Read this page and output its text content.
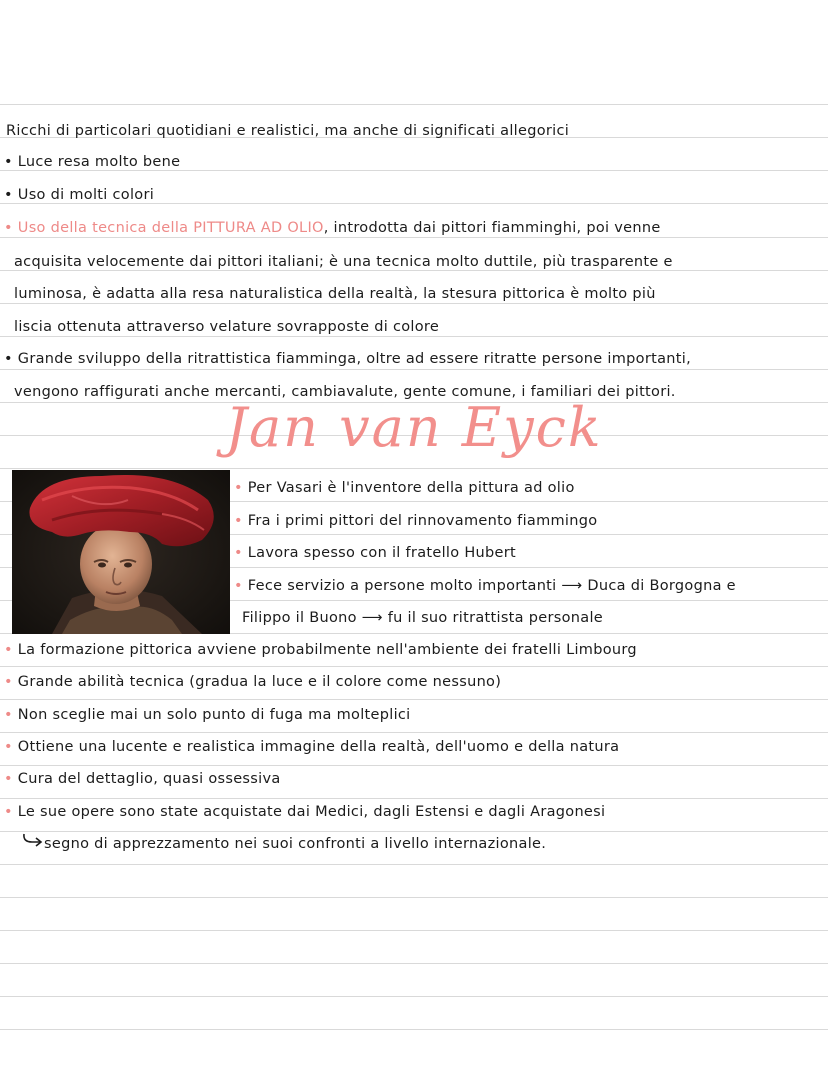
Ricchi di particolari quotidiani e realistici, ma anche di significati allegorici
• Luce resa molto bene
• Uso di molti colori
• Uso della tecnica della PITTURA AD OLIO, introdotta dai pittori fiamminghi, poi venne
acquisita velocemente dai pittori italiani; è una tecnica molto duttile, più trasparente e
luminosa, è adatta alla resa naturalistica della realtà, la stesura pittorica è molto più
liscia ottenuta attraverso velature sovrapposte di colore
• Grande sviluppo della ritrattistica fiamminga, oltre ad essere ritratte persone importanti,
vengono raffigurati anche mercanti, cambiavalute, gente comune, i familiari dei pittori.
Jan van Eyck
• Per Vasari è l'inventore della pittura ad olio
• Fra i primi pittori del rinnovamento fiammingo
• Lavora spesso con il fratello Hubert
• Fece servizio a persone molto importanti ⟶ Duca di Borgogna e
Filippo il Buono ⟶ fu il suo ritrattista personale
• La formazione pittorica avviene probabilmente nell'ambiente dei fratelli Limbourg
• Grande abilità tecnica (gradua la luce e il colore come nessuno)
• Non sceglie mai un solo punto di fuga ma molteplici
• Ottiene una lucente e realistica immagine della realtà, dell'uomo e della natura
• Cura del dettaglio, quasi ossessiva
• Le sue opere sono state acquistate dai Medici, dagli Estensi e dagli Aragonesi
segno di apprezzamento nei suoi confronti a livello internazionale.
